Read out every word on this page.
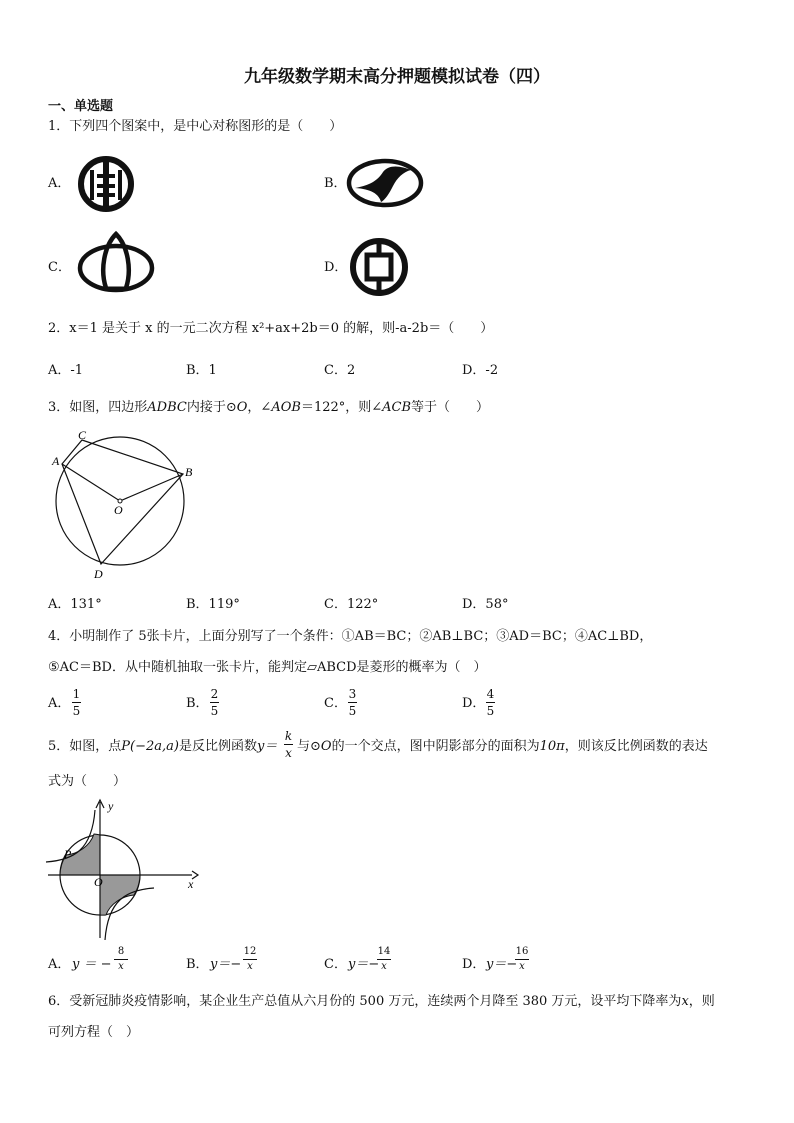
九年级数学期末高分押题模拟试卷（四）
一、单选题
1．下列四个图案中，是中心对称图形的是（　　）
A．	B．
C．	D．
2．x＝1 是关于 x 的一元二次方程 x²+ax+2b＝0 的解，则-a-2b＝（　　）
A．-1	B．1	C．2	D．-2
3．如图，四边形ADBC内接于⊙O，∠AOB＝122°，则∠ACB等于（　　）
C
A
B
O
D
A．131°	B．119°	C．122°	D．58°
4．小明制作了 5张卡片，上面分别写了一个条件：①AB＝BC；②AB⊥BC；③AD＝BC；④AC⊥BD，
⑤AC＝BD．从中随机抽取一张卡片，能判定▱ABCD是菱形的概率为（　）
A．
1
5	B．
2
5	C．
3
5	D．
4
5
5．如图，点P(−2a,a)是反比例函数y＝
k
x 与⊙O的一个交点，图中阴影部分的面积为10π，则该反比例函数的表达
式为（　　）
y
x
P
O
A． y ＝ −
8
x	B． y＝−
12
x	C． y＝−
14
x	D． y＝−
16
x
6．受新冠肺炎疫情影响，某企业生产总值从六月份的 500 万元，连续两个月降至 380 万元，设平均下降率为x，则
可列方程（　）
